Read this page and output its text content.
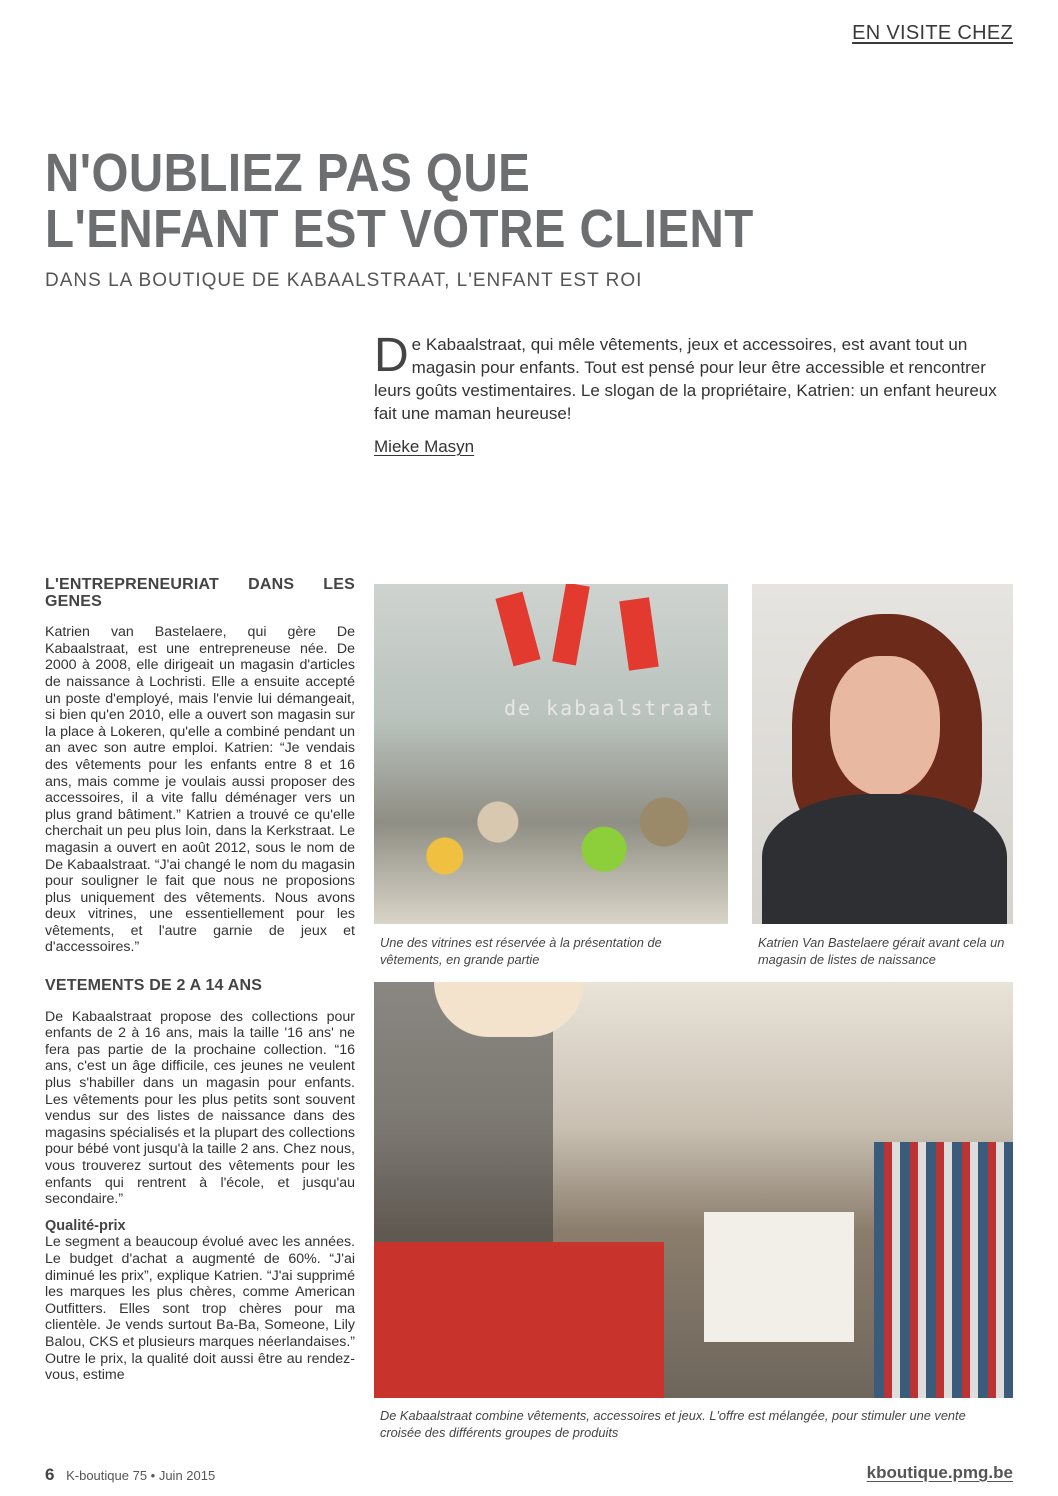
EN VISITE CHEZ
N'OUBLIEZ PAS QUE
L'ENFANT EST VOTRE CLIENT
DANS LA BOUTIQUE DE KABAALSTRAAT, L'ENFANT EST ROI
D e Kabaalstraat, qui mêle vêtements, jeux et accessoires, est avant tout un magasin pour enfants. Tout est pensé pour leur être accessible et rencontrer leurs goûts vestimentaires. Le slogan de la propriétaire, Katrien: un enfant heureux fait une maman heureuse!
Mieke Masyn
L'ENTREPRENEURIAT DANS LES GENES

Katrien van Bastelaere, qui gère De Kabaalstraat, est une entrepreneuse née. De 2000 à 2008, elle dirigeait un magasin d'articles de naissance à Lochristi. Elle a ensuite accepté un poste d'employé, mais l'envie lui démangeait, si bien qu'en 2010, elle a ouvert son magasin sur la place à Lokeren, qu'elle a combiné pendant un an avec son autre emploi. Katrien: “Je vendais des vêtements pour les enfants entre 8 et 16 ans, mais comme je voulais aussi proposer des accessoires, il a vite fallu déménager vers un plus grand bâtiment.” Katrien a trouvé ce qu'elle cherchait un peu plus loin, dans la Kerkstraat. Le magasin a ouvert en août 2012, sous le nom de De Kabaalstraat. “J'ai changé le nom du magasin pour souligner le fait que nous ne proposions plus uniquement des vêtements. Nous avons deux vitrines, une essentiellement pour les vêtements, et l'autre garnie de jeux et d'accessoires.”

VETEMENTS DE 2 A 14 ANS

De Kabaalstraat propose des collections pour enfants de 2 à 16 ans, mais la taille '16 ans' ne fera pas partie de la prochaine collection. “16 ans, c'est un âge difficile, ces jeunes ne veulent plus s'habiller dans un magasin pour enfants. Les vêtements pour les plus petits sont souvent vendus sur des listes de naissance dans des magasins spécialisés et la plupart des collections pour bébé vont jusqu'à la taille 2 ans. Chez nous, vous trouverez surtout des vêtements pour les enfants qui rentrent à l'école, et jusqu'au secondaire.”

Qualité-prix

Le segment a beaucoup évolué avec les années. Le budget d'achat a augmenté de 60%. “J'ai diminué les prix”, explique Katrien. “J'ai supprimé les marques les plus chères, comme American Outfitters. Elles sont trop chères pour ma clientèle. Je vends surtout Ba-Ba, Someone, Lily Balou, CKS et plusieurs marques néerlandaises.” Outre le prix, la qualité doit aussi être au rendez-vous, estime

de kabaalstraat
Une des vitrines est réservée à la présentation de vêtements, en grande partie
Katrien Van Bastelaere gérait avant cela un magasin de listes de naissance
De Kabaalstraat combine vêtements, accessoires et jeux. L'offre est mélangée, pour stimuler une vente croisée des différents groupes de produits
6 K-boutique 75 • Juin 2015	kboutique.pmg.be
